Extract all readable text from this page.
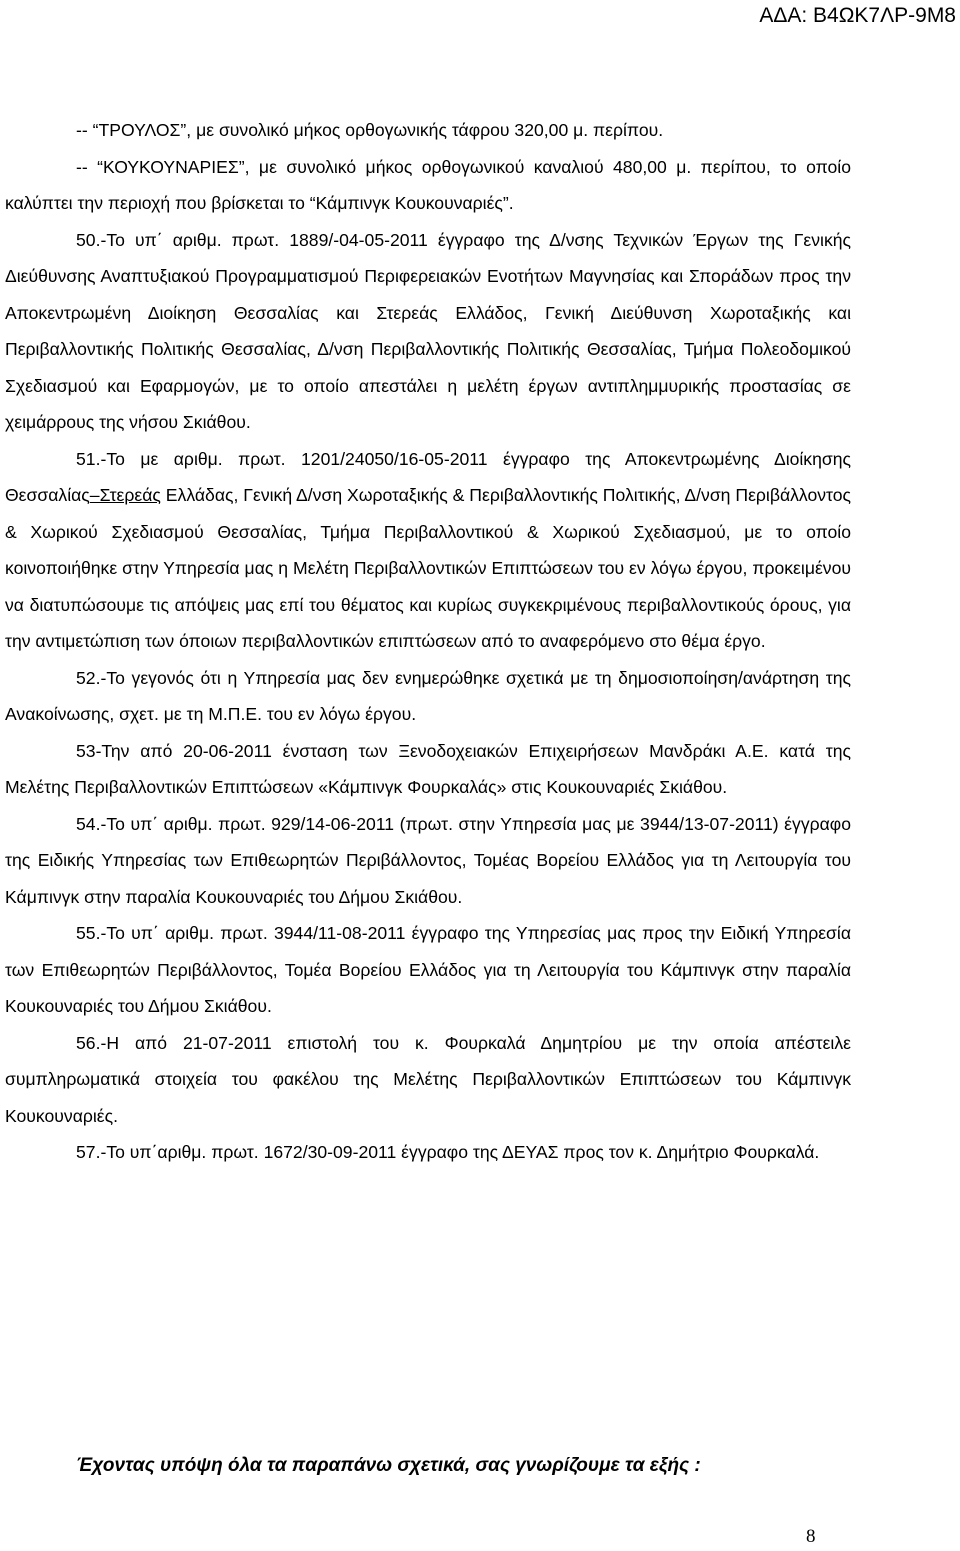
ΑΔΑ: Β4ΩΚ7ΛΡ-9Μ8

-- “ΤΡΟΥΛΟΣ”, με συνολικό μήκος ορθογωνικής τάφρου 320,00 μ. περίπου.

-- “ΚΟΥΚΟΥΝΑΡΙΕΣ”, με συνολικό μήκος ορθογωνικού καναλιού 480,00 μ. περίπου, το οποίο καλύπτει την περιοχή που βρίσκεται το “Κάμπινγκ Κουκουναριές”.

50.-Το υπ΄ αριθμ. πρωτ. 1889/-04-05-2011 έγγραφο της Δ/νσης Τεχνικών Έργων της Γενικής Διεύθυνσης Αναπτυξιακού Προγραμματισμού Περιφερειακών Ενοτήτων Μαγνησίας και Σποράδων προς την Αποκεντρωμένη Διοίκηση Θεσσαλίας και Στερεάς Ελλάδος, Γενική Διεύθυνση Χωροταξικής και Περιβαλλοντικής Πολιτικής Θεσσαλίας, Δ/νση Περιβαλλοντικής Πολιτικής Θεσσαλίας, Τμήμα Πολεοδομικού Σχεδιασμού και Εφαρμογών, με το οποίο απεστάλει η μελέτη έργων αντιπλημμυρικής προστασίας σε χειμάρρους της νήσου Σκιάθου.

51.-Το με αριθμ. πρωτ. 1201/24050/16-05-2011 έγγραφο της Αποκεντρωμένης Διοίκησης Θεσσαλίας–Στερεάς Ελλάδας, Γενική Δ/νση Χωροταξικής & Περιβαλλοντικής Πολιτικής, Δ/νση Περιβάλλοντος & Χωρικού Σχεδιασμού Θεσσαλίας, Τμήμα Περιβαλλοντικού & Χωρικού Σχεδιασμού, με το οποίο κοινοποιήθηκε στην Υπηρεσία μας η Μελέτη Περιβαλλοντικών Επιπτώσεων του εν λόγω έργου, προκειμένου να διατυπώσουμε τις απόψεις μας επί του θέματος και κυρίως συγκεκριμένους περιβαλλοντικούς όρους, για την αντιμετώπιση των όποιων περιβαλλοντικών επιπτώσεων από το αναφερόμενο στο θέμα έργο.

52.-Το γεγονός ότι η Υπηρεσία μας δεν ενημερώθηκε σχετικά με τη δημοσιοποίηση/ανάρτηση της Ανακοίνωσης, σχετ. με τη Μ.Π.Ε. του εν λόγω έργου.

53-Την από 20-06-2011 ένσταση των Ξενοδοχειακών Επιχειρήσεων Μανδράκι Α.Ε. κατά της Μελέτης Περιβαλλοντικών Επιπτώσεων «Κάμπινγκ Φουρκαλάς» στις Κουκουναριές Σκιάθου.

54.-Το υπ΄ αριθμ. πρωτ. 929/14-06-2011 (πρωτ. στην Υπηρεσία μας με 3944/13-07-2011) έγγραφο της Ειδικής Υπηρεσίας των Επιθεωρητών Περιβάλλοντος, Τομέας Βορείου Ελλάδος για τη Λειτουργία του Κάμπινγκ στην παραλία Κουκουναριές του Δήμου Σκιάθου.

55.-Το υπ΄ αριθμ. πρωτ. 3944/11-08-2011 έγγραφο της Υπηρεσίας μας προς την Ειδική Υπηρεσία των Επιθεωρητών Περιβάλλοντος, Τομέα Βορείου Ελλάδος για τη Λειτουργία του Κάμπινγκ στην παραλία Κουκουναριές του Δήμου Σκιάθου.

56.-Η από 21-07-2011 επιστολή του κ. Φουρκαλά Δημητρίου με την οποία απέστειλε συμπληρωματικά στοιχεία του φακέλου της Μελέτης Περιβαλλοντικών Επιπτώσεων του Κάμπινγκ Κουκουναριές.

57.-Το υπ΄αριθμ. πρωτ. 1672/30-09-2011 έγγραφο της ΔΕΥΑΣ προς τον κ. Δημήτριο Φουρκαλά.

Έχοντας υπόψη όλα τα παραπάνω σχετικά, σας γνωρίζουμε τα εξής :
8
